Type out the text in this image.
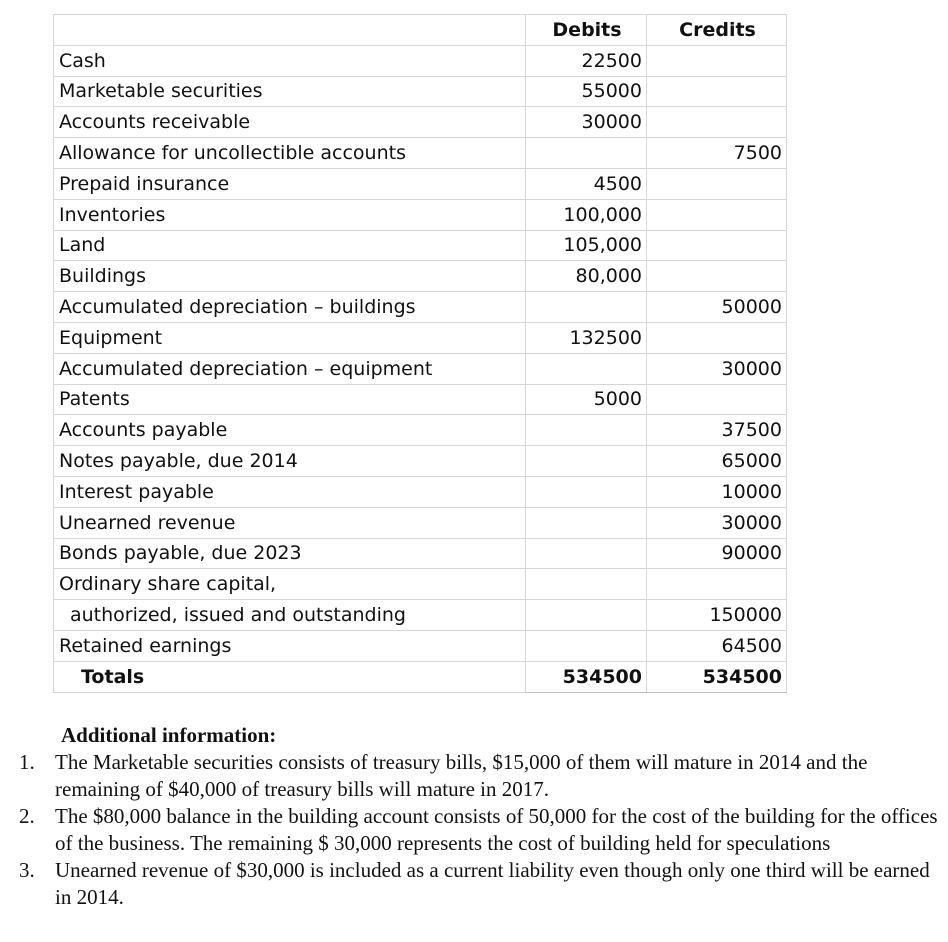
	Debits	Credits
Cash	22500	
Marketable securities	55000	
Accounts receivable	30000	
Allowance for uncollectible accounts		7500
Prepaid insurance	4500	
Inventories	100,000	
Land	105,000	
Buildings	80,000	
Accumulated depreciation – buildings		50000
Equipment	132500	
Accumulated depreciation – equipment		30000
Patents	5000	
Accounts payable		37500
Notes payable, due 2014		65000
Interest payable		10000
Unearned revenue		30000
Bonds payable, due 2023		90000
Ordinary share capital,		
authorized, issued and outstanding		150000
Retained earnings		64500
Totals	534500	534500
Additional information:
1. The Marketable securities consists of treasury bills, $15,000 of them will mature in 2014 and the remaining of $40,000 of treasury bills will mature in 2017.
2. The $80,000 balance in the building account consists of 50,000 for the cost of the building for the offices of the business. The remaining $ 30,000 represents the cost of building held for speculations
3. Unearned revenue of $30,000 is included as a current liability even though only one third will be earned in 2014.
